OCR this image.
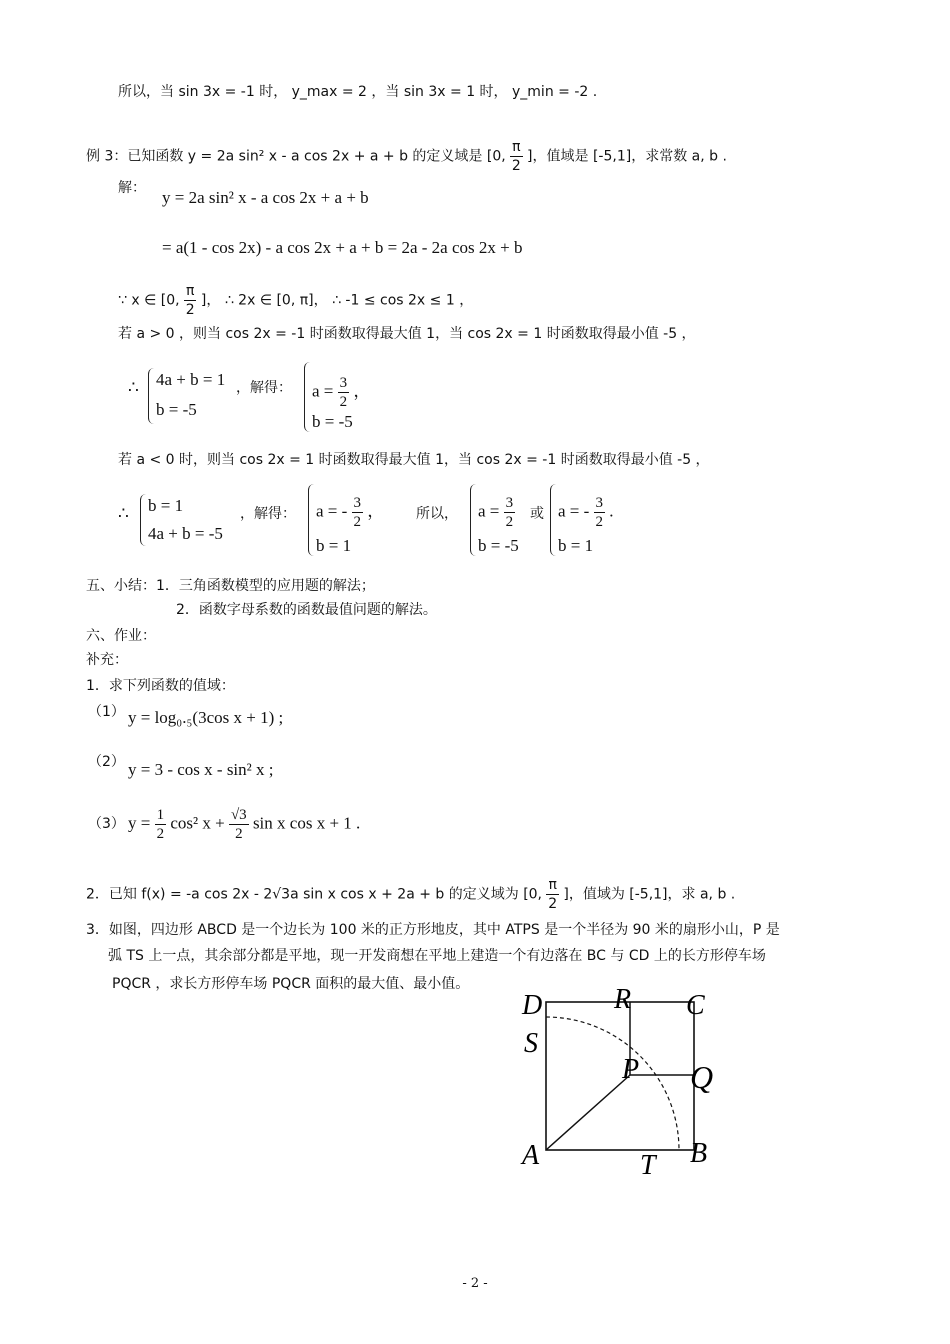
所以，当 sin 3x = -1 时， y_max = 2 ，当 sin 3x = 1 时， y_min = -2 .
例 3：已知函数 y = 2a sin² x - a cos 2x + a + b 的定义域是 [0, $\frac{\pi}{2}$ ]，值域是 [-5,1]，求常数 a, b .
解： y = 2a sin² x - a cos 2x + a + b
= a(1 - cos 2x) - a cos 2x + a + b = 2a - 2a cos 2x + b
∵ x ∈ [0, $\frac{\pi}{2}$ ]， ∴ 2x ∈ [0, π]， ∴ -1 ≤ cos 2x ≤ 1 ，
若 a > 0 ，则当 cos 2x = -1 时函数取得最大值 1，当 cos 2x = 1 时函数取得最小值 -5 ，
∴ 4a + b = 1
b = -5
，解得： $a = \frac{3}{2}$ ，
b = -5
若 a < 0 时，则当 cos 2x = 1 时函数取得最大值 1，当 cos 2x = -1 时函数取得最小值 -5 ，
∴ b = 1
4a + b = -5
，解得： a = - $\frac{3}{2}$ ，
b = 1
所以， $a = \frac{3}{2}$
b = -5
或 a = - $\frac{3}{2}$ .
b = 1
五、小结：1．三角函数模型的应用题的解法；
2．函数字母系数的函数最值问题的解法。
六、作业：
补充：
1．求下列函数的值域：
（1） y = log₀.₅(3cos x + 1) ;
（2） y = 3 - cos x - sin² x ;
（3） $y = \frac{1}{2} \cos^2$ $x + \frac{√3}{2}$ sin x cos x + 1 .
2．已知 f(x) = -a cos 2x - 2√3a sin x cos x + 2a + b 的定义域为 [0, $\frac{\pi}{2}$ ]，值域为 [-5,1]，求 a, b .
3．如图，四边形 ABCD 是一个边长为 100 米的正方形地皮，其中 ATPS 是一个半径为 90 米的扇形小山，P 是
弧 TS 上一点，其余部分都是平地，现一开发商想在平地上建造一个有边落在 BC 与 CD 上的长方形停车场
PQCR ，求长方形停车场 PQCR 面积的最大值、最小值。
A	B
C
D
P Q
R
S
T
- 2 -
